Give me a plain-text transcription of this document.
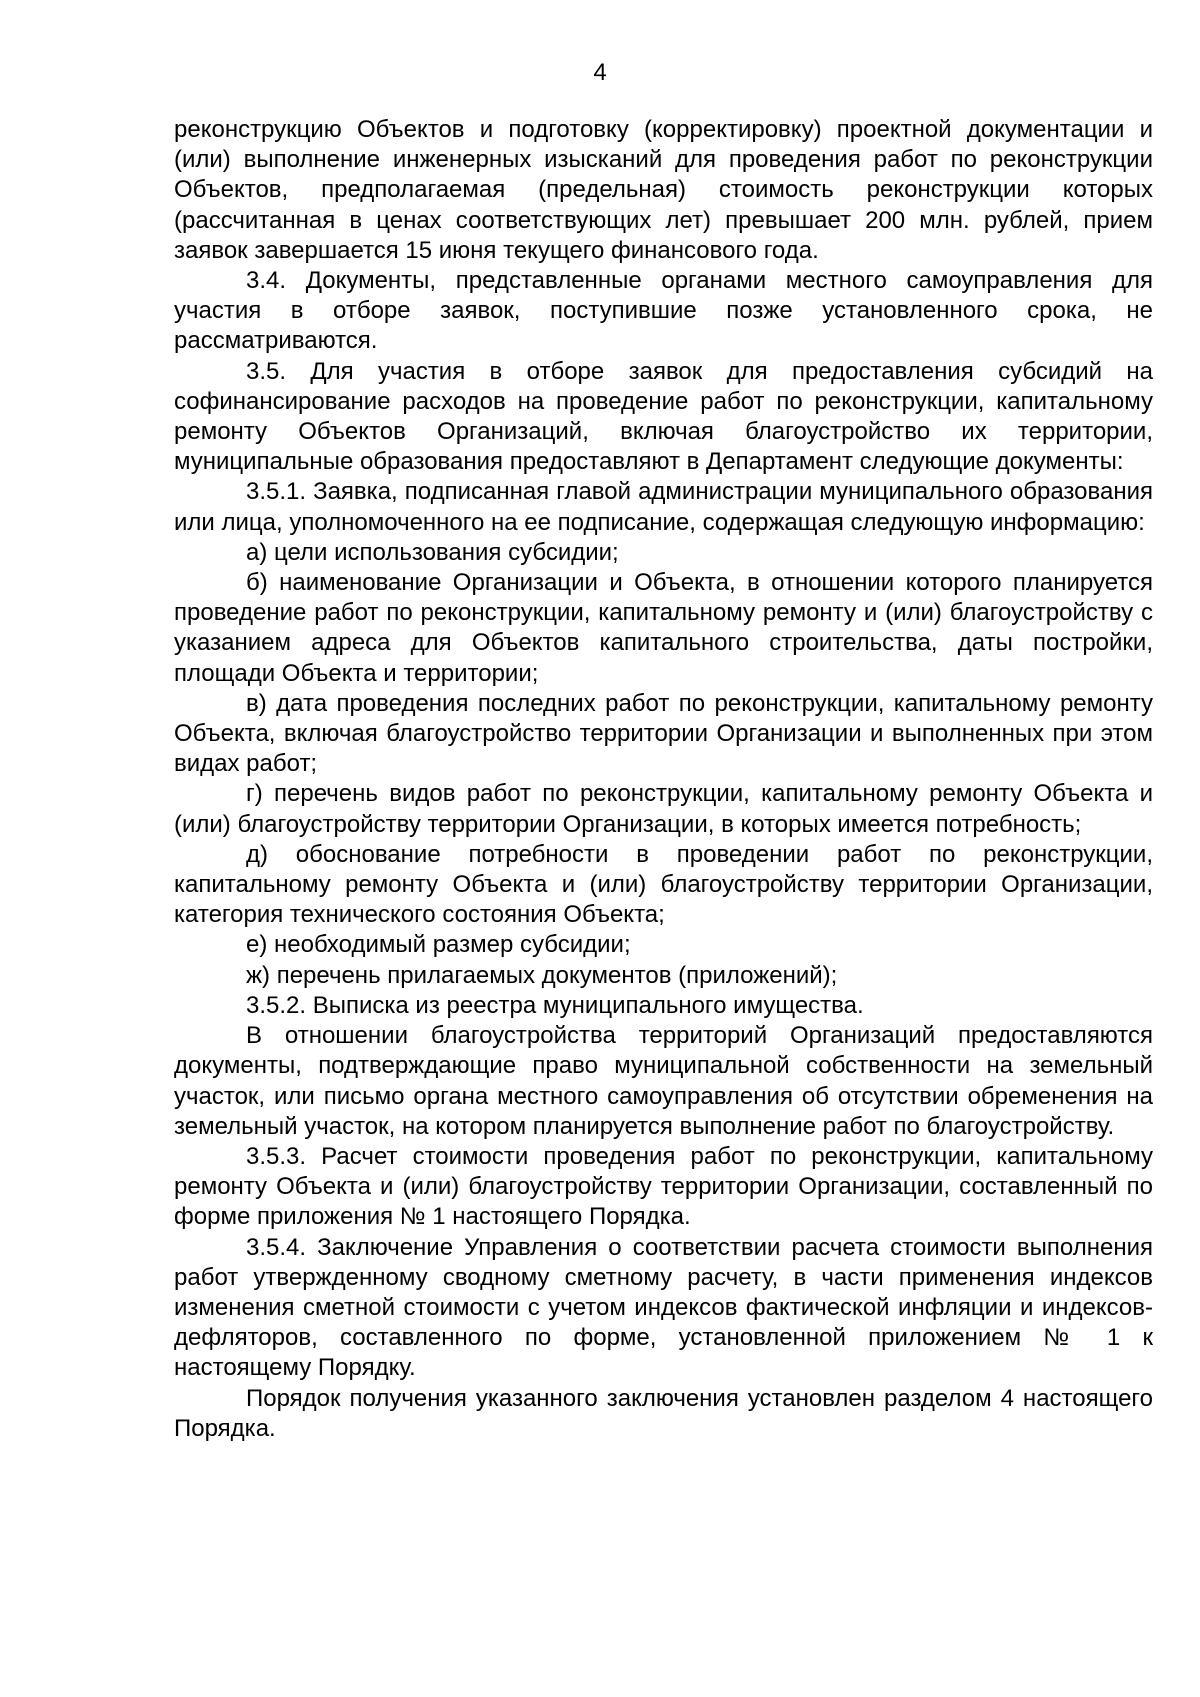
4

реконструкцию Объектов и подготовку (корректировку) проектной документации и (или) выполнение инженерных изысканий для проведения работ по реконструкции Объектов, предполагаемая (предельная) стоимость реконструкции которых (рассчитанная в ценах соответствующих лет) превышает 200 млн. рублей, прием заявок завершается 15 июня текущего финансового года.

3.4. Документы, представленные органами местного самоуправления для участия в отборе заявок, поступившие позже установленного срока, не рассматриваются.

3.5. Для участия в отборе заявок для предоставления субсидий на софинансирование расходов на проведение работ по реконструкции, капитальному ремонту Объектов Организаций, включая благоустройство их территории, муниципальные образования предоставляют в Департамент следующие документы:

3.5.1. Заявка, подписанная главой администрации муниципального образования или лица, уполномоченного на ее подписание, содержащая следующую информацию:

а) цели использования субсидии;

б) наименование Организации и Объекта, в отношении которого планируется проведение работ по реконструкции, капитальному ремонту и (или) благоустройству с указанием адреса для Объектов капитального строительства, даты постройки, площади Объекта и территории;

в) дата проведения последних работ по реконструкции, капитальному ремонту Объекта, включая благоустройство территории Организации и выполненных при этом видах работ;

г) перечень видов работ по реконструкции, капитальному ремонту Объекта и (или) благоустройству территории Организации, в которых имеется потребность;

д) обоснование потребности в проведении работ по реконструкции, капитальному ремонту Объекта и (или) благоустройству территории Организации, категория технического состояния Объекта;

е) необходимый размер субсидии;

ж) перечень прилагаемых документов (приложений);

3.5.2. Выписка из реестра муниципального имущества.

В отношении благоустройства территорий Организаций предоставляются документы, подтверждающие право муниципальной собственности на земельный участок, или письмо органа местного самоуправления об отсутствии обременения на земельный участок, на котором планируется выполнение работ по благоустройству.

3.5.3. Расчет стоимости проведения работ по реконструкции, капитальному ремонту Объекта и (или) благоустройству территории Организации, составленный по форме приложения № 1 настоящего Порядка.

3.5.4. Заключение Управления о соответствии расчета стоимости выполнения работ утвержденному сводному сметному расчету, в части применения индексов изменения сметной стоимости с учетом индексов фактической инфляции и индексов-дефляторов, составленного по форме, установленной приложением № 1 к настоящему Порядку.

Порядок получения указанного заключения установлен разделом 4 настоящего Порядка.
